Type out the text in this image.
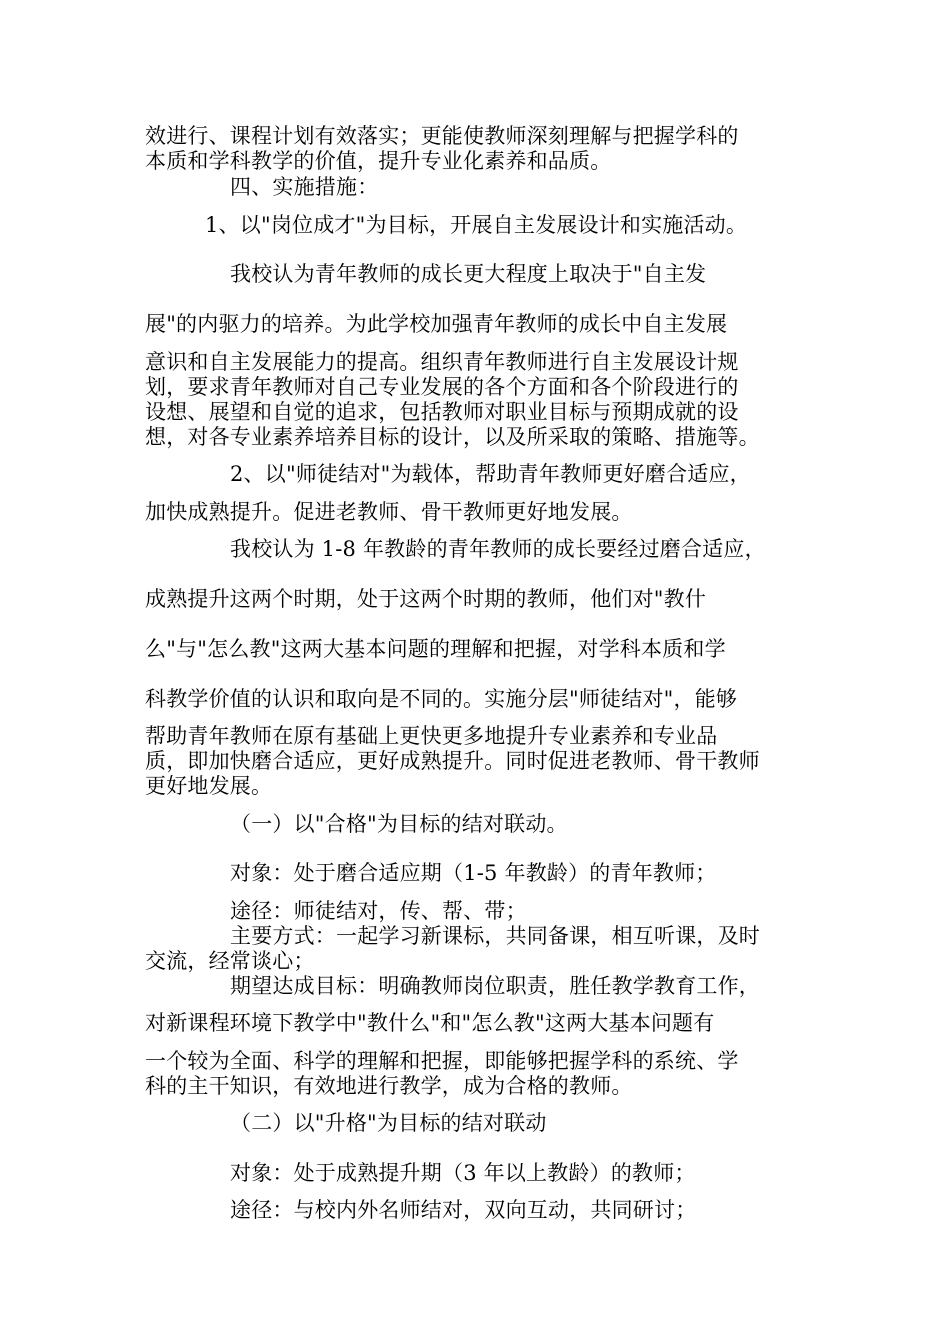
效进行、课程计划有效落实；更能使教师深刻理解与把握学科的
本质和学科教学的价值，提升专业化素养和品质。
四、实施措施：
1、以"岗位成才"为目标，开展自主发展设计和实施活动。
我校认为青年教师的成长更大程度上取决于"自主发
展"的内驱力的培养。为此学校加强青年教师的成长中自主发展
意识和自主发展能力的提高。组织青年教师进行自主发展设计规
划，要求青年教师对自己专业发展的各个方面和各个阶段进行的
设想、展望和自觉的追求，包括教师对职业目标与预期成就的设
想，对各专业素养培养目标的设计，以及所采取的策略、措施等。
2、以"师徒结对"为载体，帮助青年教师更好磨合适应，
加快成熟提升。促进老教师、骨干教师更好地发展。
我校认为 1-8 年教龄的青年教师的成长要经过磨合适应，
成熟提升这两个时期，处于这两个时期的教师，他们对"教什
么"与"怎么教"这两大基本问题的理解和把握，对学科本质和学
科教学价值的认识和取向是不同的。实施分层"师徒结对"，能够
帮助青年教师在原有基础上更快更多地提升专业素养和专业品
质，即加快磨合适应，更好成熟提升。同时促进老教师、骨干教师
更好地发展。
（一）以"合格"为目标的结对联动。
对象：处于磨合适应期（1-5 年教龄）的青年教师；
途径：师徒结对，传、帮、带；
主要方式：一起学习新课标，共同备课，相互听课，及时
交流，经常谈心；
期望达成目标：明确教师岗位职责，胜任教学教育工作，
对新课程环境下教学中"教什么"和"怎么教"这两大基本问题有
一个较为全面、科学的理解和把握，即能够把握学科的系统、学
科的主干知识，有效地进行教学，成为合格的教师。
（二）以"升格"为目标的结对联动
对象：处于成熟提升期（3 年以上教龄）的教师；
途径：与校内外名师结对，双向互动，共同研讨；
